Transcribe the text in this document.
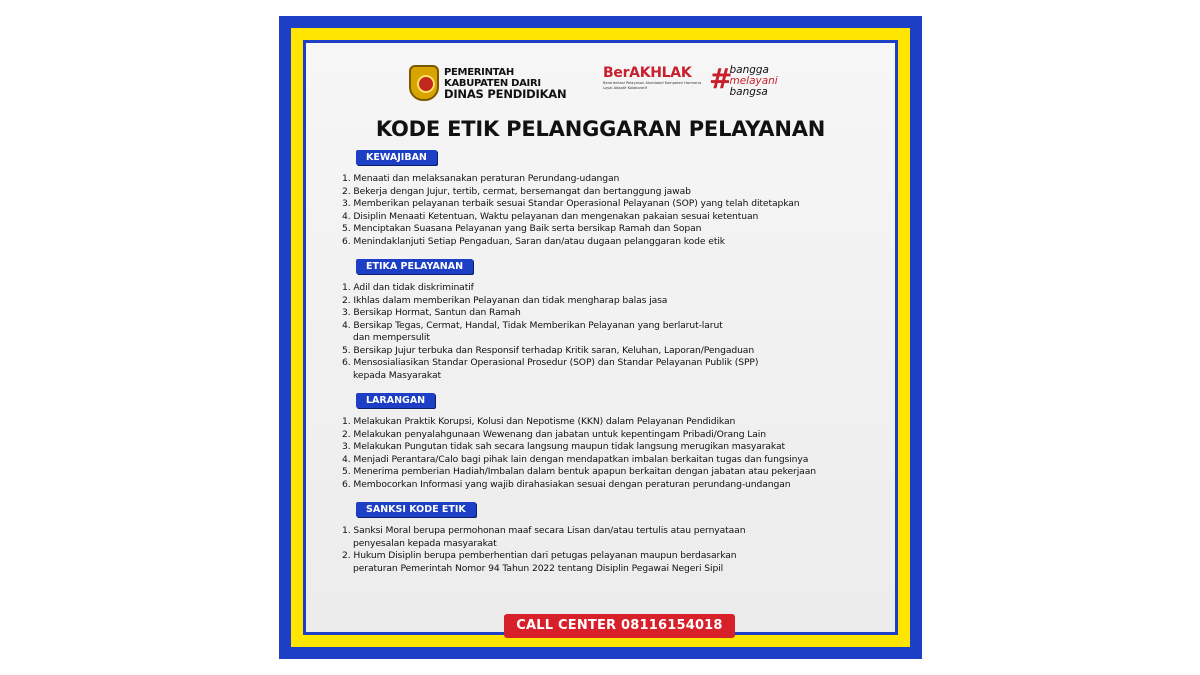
PEMERINTAH
KABUPATEN DAIRI
DINAS PENDIDIKAN
BerAKHLAK
Berorientasi Pelayanan Akuntabel Kompeten Harmonis Loyal Adaptif Kolaboratif	#
bangga
melayani
bangsa
KODE ETIK PELANGGARAN PELAYANAN
KEWAJIBAN
1. Menaati dan melaksanakan peraturan Perundang-udangan
2. Bekerja dengan Jujur, tertib, cermat, bersemangat dan bertanggung jawab
3. Memberikan pelayanan terbaik sesuai Standar Operasional Pelayanan (SOP) yang telah ditetapkan
4. Disiplin Menaati Ketentuan, Waktu pelayanan dan mengenakan pakaian sesuai ketentuan
5. Menciptakan Suasana Pelayanan yang Baik serta bersikap Ramah dan Sopan
6. Menindaklanjuti Setiap Pengaduan, Saran dan/atau dugaan pelanggaran kode etik
ETIKA PELAYANAN
1. Adil dan tidak diskriminatif
2. Ikhlas dalam memberikan Pelayanan dan tidak mengharap balas jasa
3. Bersikap Hormat, Santun dan Ramah
4. Bersikap Tegas, Cermat, Handal, Tidak Memberikan Pelayanan yang berlarut-larut
dan mempersulit
5. Bersikap Jujur terbuka dan Responsif terhadap Kritik saran, Keluhan, Laporan/Pengaduan
6. Mensosialiasikan Standar Operasional Prosedur (SOP) dan Standar Pelayanan Publik (SPP)
kepada Masyarakat
LARANGAN
1. Melakukan Praktik Korupsi, Kolusi dan Nepotisme (KKN) dalam Pelayanan Pendidikan
2. Melakukan penyalahgunaan Wewenang dan jabatan untuk kepentingam Pribadi/Orang Lain
3. Melakukan Pungutan tidak sah secara langsung maupun tidak langsung merugikan masyarakat
4. Menjadi Perantara/Calo bagi pihak lain dengan mendapatkan imbalan berkaitan tugas dan fungsinya
5. Menerima pemberian Hadiah/Imbalan dalam bentuk apapun berkaitan dengan jabatan atau pekerjaan
6. Membocorkan Informasi yang wajib dirahasiakan sesuai dengan peraturan perundang-undangan
SANKSI KODE ETIK
1. Sanksi Moral berupa permohonan maaf secara Lisan dan/atau tertulis atau pernyataan
penyesalan kepada masyarakat
2. Hukum Disiplin berupa pemberhentian dari petugas pelayanan maupun berdasarkan
peraturan Pemerintah Nomor 94 Tahun 2022 tentang Disiplin Pegawai Negeri Sipil
CALL CENTER 08116154018
